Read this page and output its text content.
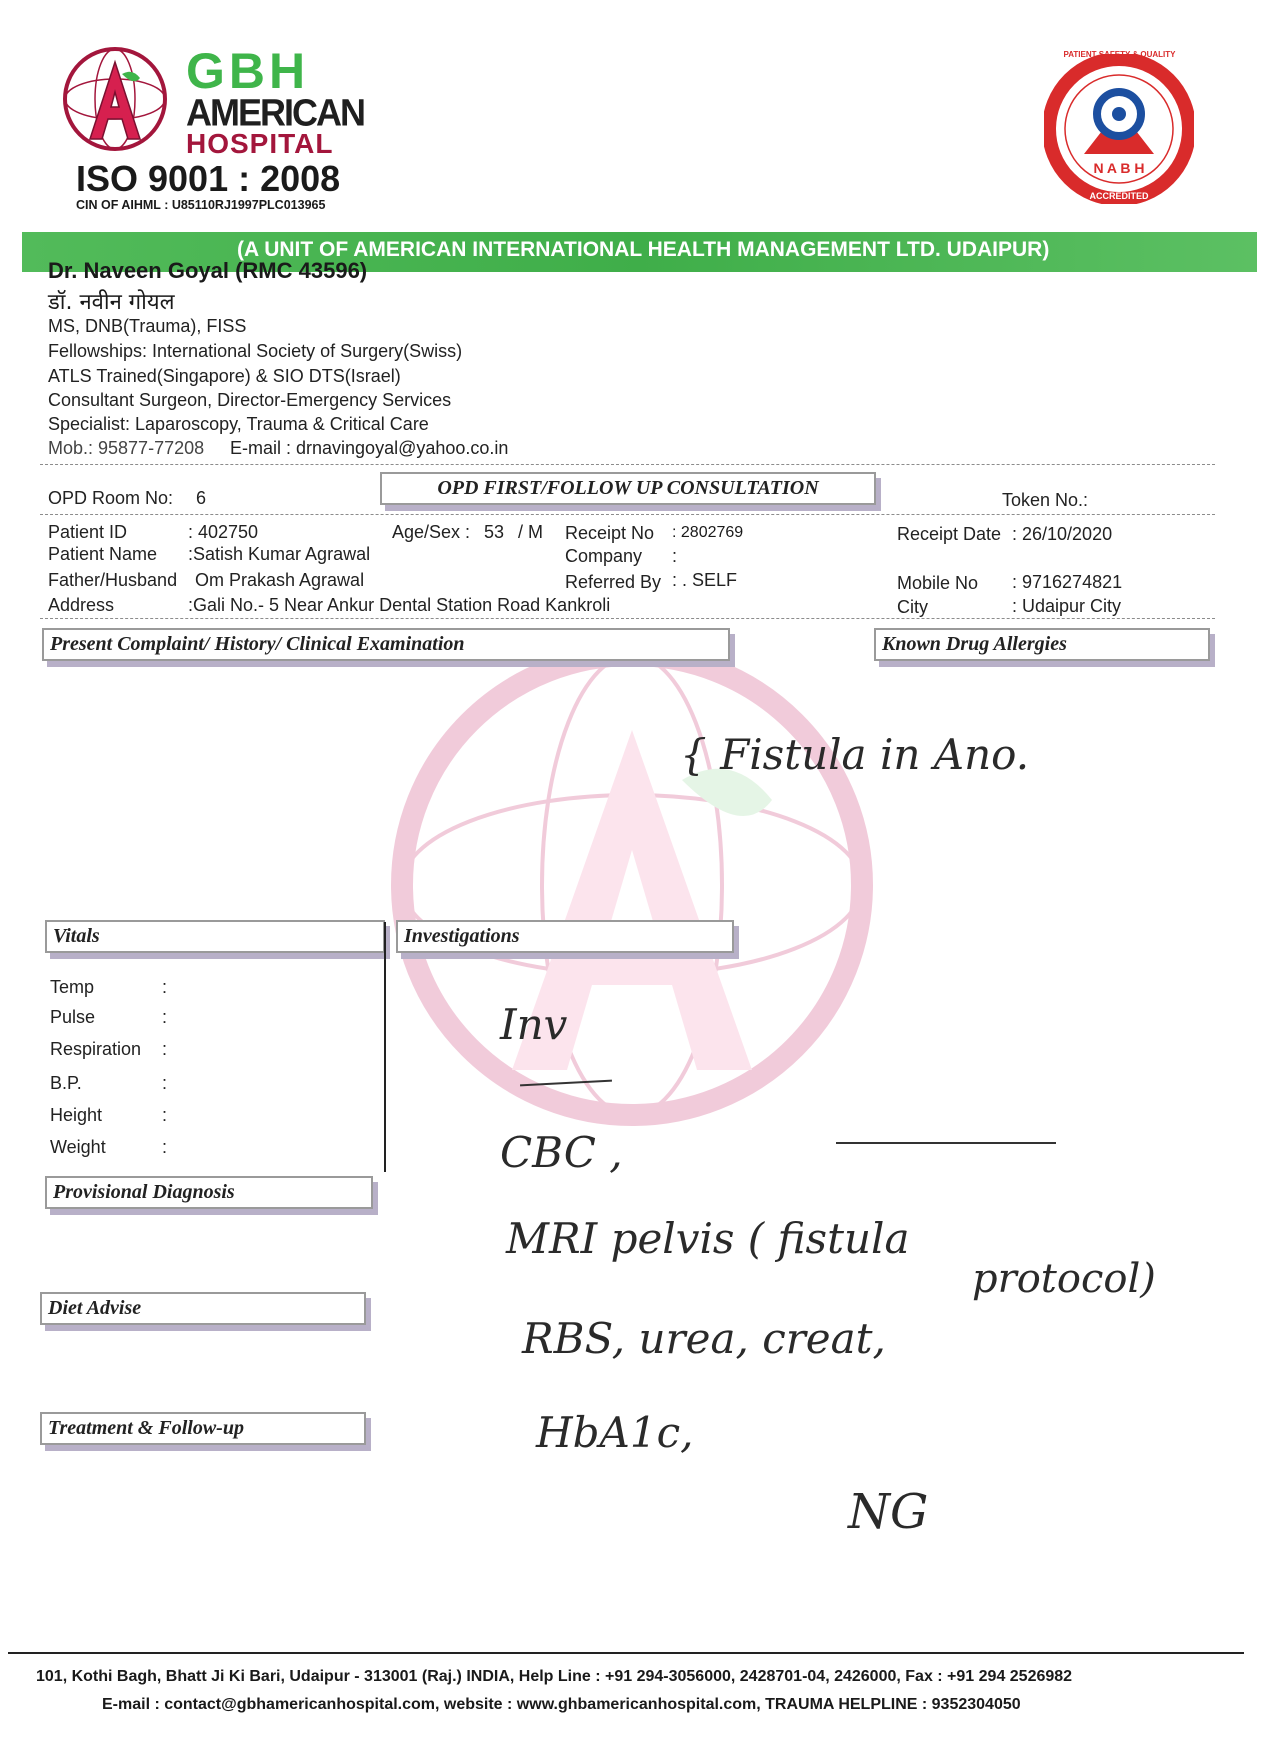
GBH
AMERICAN
HOSPITAL
ISO 9001 : 2008
CIN OF AIHML : U85110RJ1997PLC013965
PATIENT SAFETY & QUALITY OF CARE
N A B H
ACCREDITED
(A UNIT OF AMERICAN INTERNATIONAL HEALTH MANAGEMENT LTD. UDAIPUR)
Dr. Naveen Goyal (RMC 43596)
डॉ. नवीन गोयल
MS, DNB(Trauma), FISS
Fellowships: International Society of Surgery(Swiss)
ATLS Trained(Singapore) & SIO DTS(Israel)
Consultant Surgeon, Director-Emergency Services
Specialist: Laparoscopy, Trauma & Critical Care
Mob.: 95877-77208 E-mail : drnavingoyal@yahoo.co.in
OPD Room No: 6	OPD FIRST/FOLLOW UP CONSULTATION
Token No.:
Patient ID	: 402750
Patient Name :Satish Kumar Agrawal
Father/Husband Om Prakash Agrawal
Address	:Gali No.- 5 Near Ankur Dental Station Road Kankroli
Age/Sex : 53 / M Receipt No : 2802769
Company :
Referred By : . SELF
Receipt Date : 26/10/2020
Mobile No : 9716274821
City	: Udaipur City
Present Complaint/ History/ Clinical Examination	Known Drug Allergies
Vitals	Investigations
Temp	:
Pulse	:
Respiration :
B.P.	:
Height	:
Weight	:
Provisional Diagnosis
Diet Advise
Treatment & Follow-up
{ Fistula in Ano.
Inv
CBC ,
MRI pelvis ( fistula
protocol)
RBS, urea, creat,
HbA1c,
NG
101, Kothi Bagh, Bhatt Ji Ki Bari, Udaipur - 313001 (Raj.) INDIA, Help Line : +91 294-3056000, 2428701-04, 2426000, Fax : +91 294 2526982
E-mail : contact@gbhamericanhospital.com, website : www.ghbamericanhospital.com, TRAUMA HELPLINE : 9352304050
